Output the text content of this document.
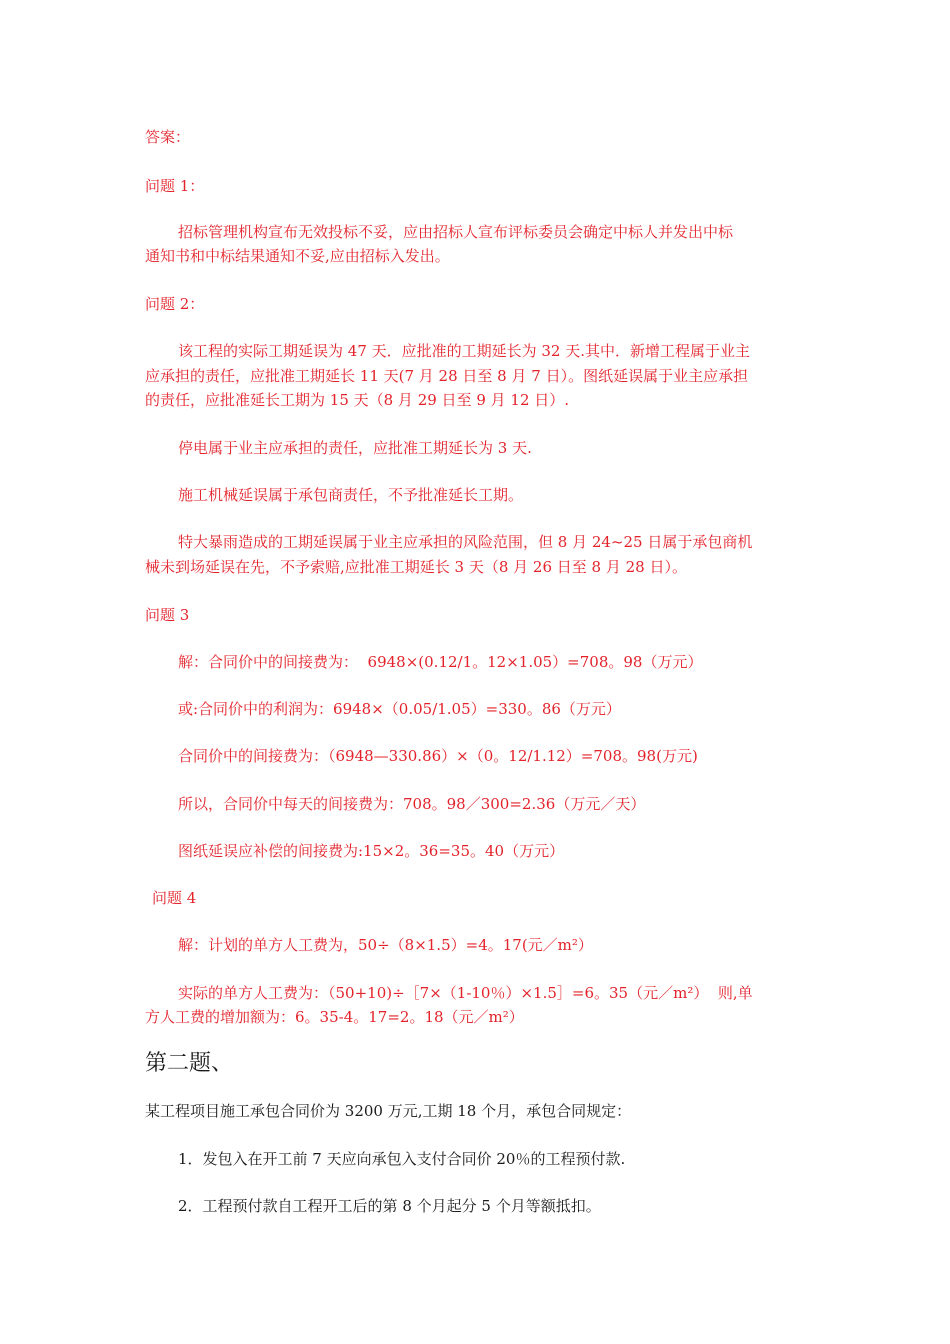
答案：
问题 1：
招标管理机构宣布无效投标不妥，应由招标人宣布评标委员会确定中标人并发出中标
通知书和中标结果通知不妥,应由招标入发出。
问题 2：
该工程的实际工期延误为 47 天．应批准的工期延长为 32 天.其中．新增工程属于业主
应承担的责任，应批准工期延长 11 天(7 月 28 日至 8 月 7 日）。图纸延误属于业主应承担
的责任，应批准延长工期为 15 天（8 月 29 日至 9 月 12 日）.
停电属于业主应承担的责任，应批准工期延长为 3 天.
施工机械延误属于承包商责任，不予批准延长工期。
特大暴雨造成的工期延误属于业主应承担的风险范围，但 8 月 24~25 日属于承包商机
械未到场延误在先，不予索赔,应批准工期延长 3 天（8 月 26 日至 8 月 28 日）。
问题 3
解：合同价中的间接费为：  6948×(0.12/1。12×1.05）=708。98（万元）
或:合同价中的利润为：6948×（0.05/1.05）=330。86（万元）
合同价中的间接费为：（6948—330.86）×（0。12/1.12）=708。98(万元)
所以，合同价中每天的间接费为：708。98／300=2.36（万元／天）
图纸延误应补偿的间接费为:15×2。36=35。40（万元）
问题 4
解：计划的单方人工费为，50÷（8×1.5）=4。17(元／m²）
实际的单方人工费为：（50+10)÷［7×（1-10％）×1.5］=6。35（元／m²）  则,单
方人工费的增加额为：6。35-4。17=2。18（元／m²）
第二题、
某工程项目施工承包合同价为 3200 万元,工期 18 个月，承包合同规定：
1．发包入在开工前 7 天应向承包入支付合同价 20％的工程预付款.
2．工程预付款自工程开工后的第 8 个月起分 5 个月等额抵扣。
